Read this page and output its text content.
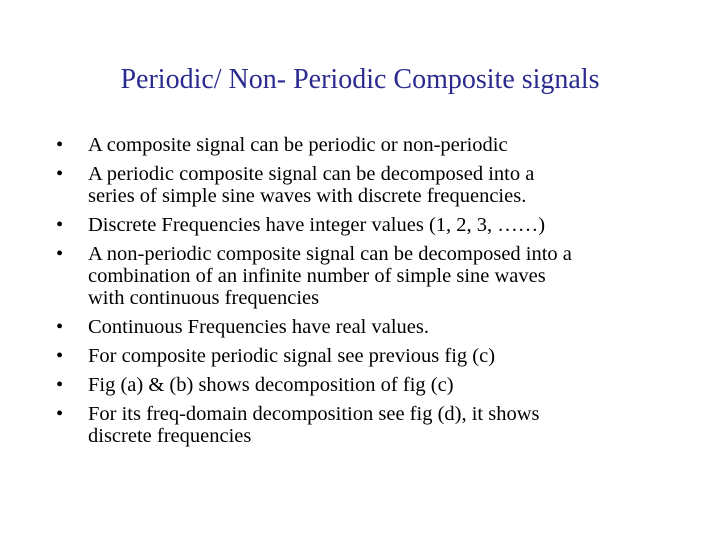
Periodic/ Non- Periodic Composite signals
•	A composite signal can be periodic or non-periodic
•	A periodic composite signal can be decomposed into a
series of simple sine waves with discrete frequencies.
•	Discrete Frequencies have integer values (1, 2, 3, ……)
•	A non-periodic composite signal can be decomposed into a
combination of an infinite number of simple sine waves
with continuous frequencies
•	Continuous Frequencies have real values.
•	For composite periodic signal see previous fig (c)
•	Fig (a) & (b) shows decomposition of fig (c)
•	For its freq-domain decomposition see fig (d), it shows
discrete frequencies
